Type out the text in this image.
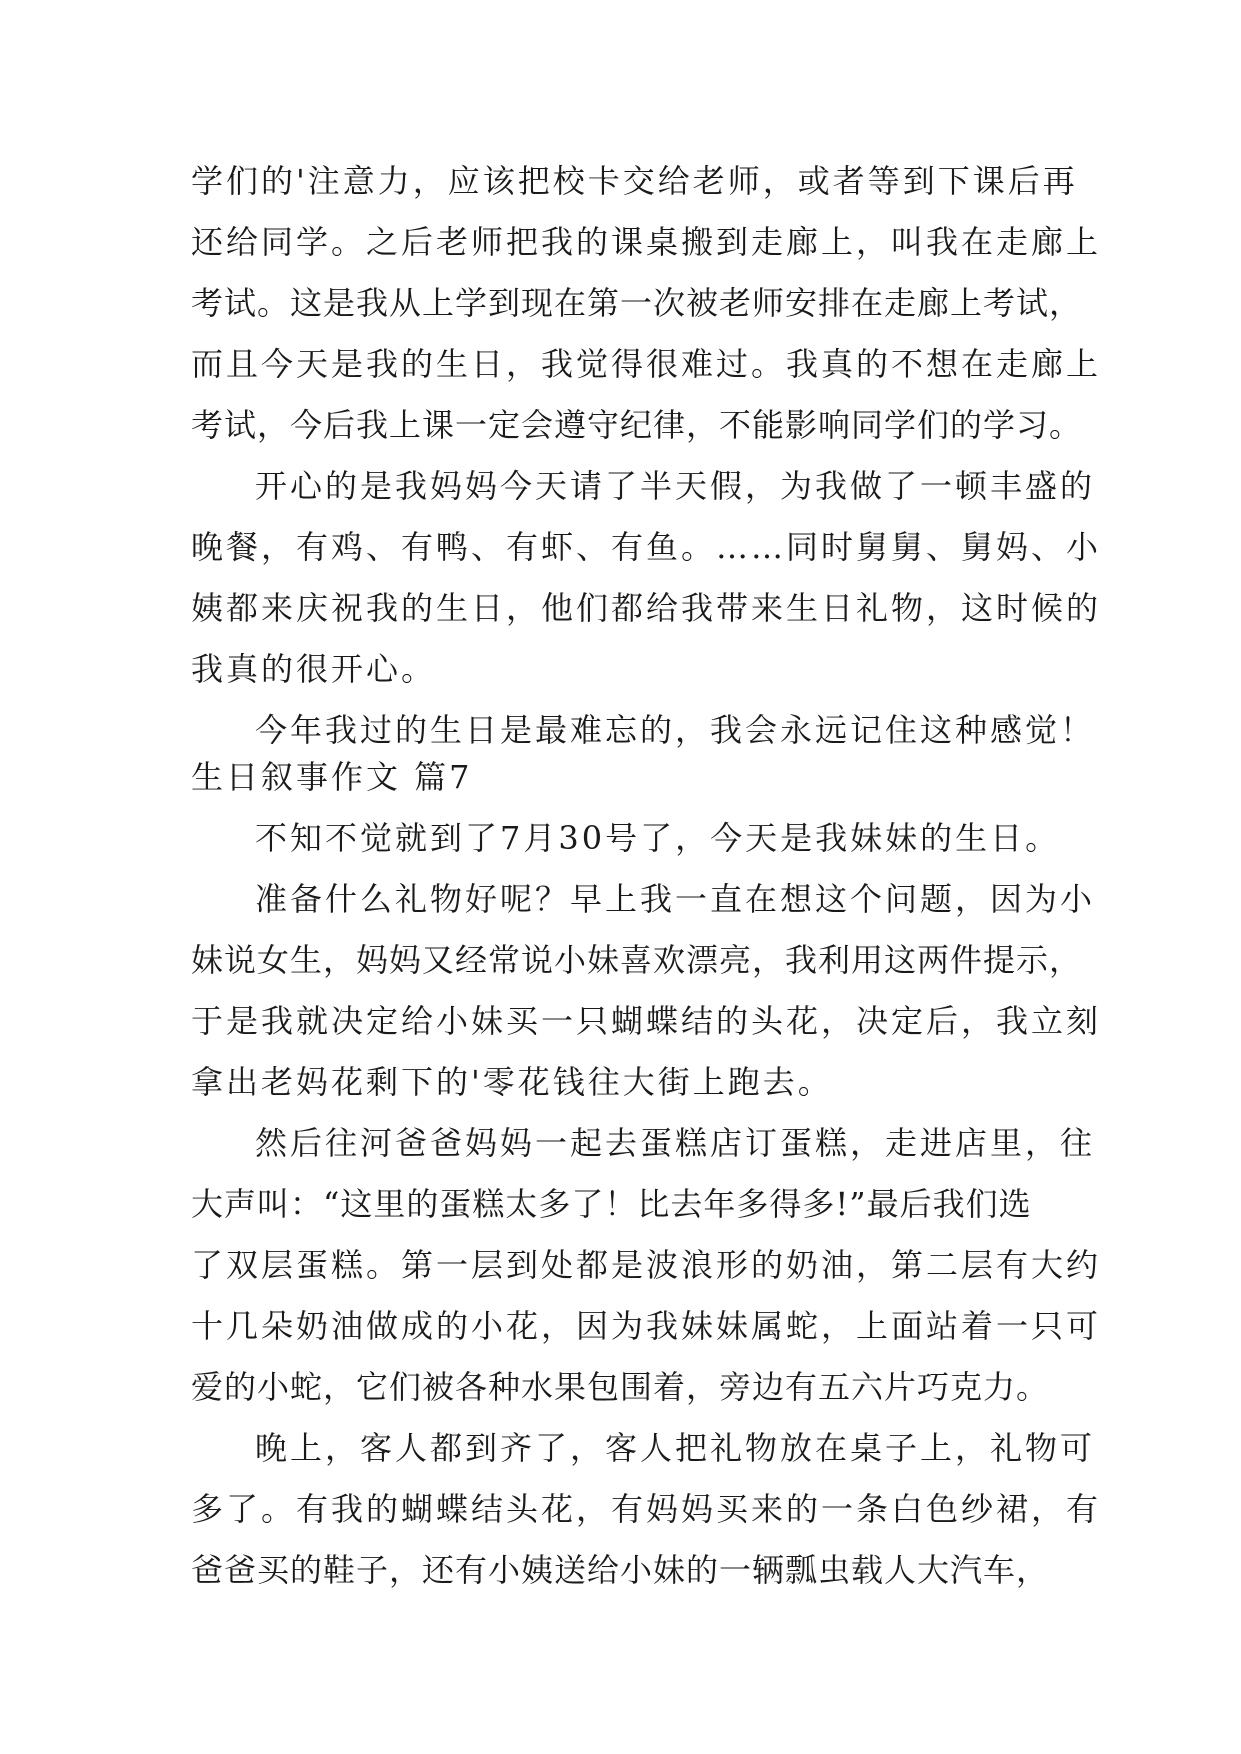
学们的'注意力，应该把校卡交给老师，或者等到下课后再
还给同学。之后老师把我的课桌搬到走廊上，叫我在走廊上
考试。这是我从上学到现在第一次被老师安排在走廊上考试，
而且今天是我的生日，我觉得很难过。我真的不想在走廊上
考试，今后我上课一定会遵守纪律，不能影响同学们的学习。
开心的是我妈妈今天请了半天假，为我做了一顿丰盛的
晚餐，有鸡、有鸭、有虾、有鱼。……同时舅舅、舅妈、小
姨都来庆祝我的生日，他们都给我带来生日礼物，这时候的
我真的很开心。
今年我过的生日是最难忘的，我会永远记住这种感觉！
生日叙事作文 篇7
不知不觉就到了7月30号了，今天是我妹妹的生日。
准备什么礼物好呢？早上我一直在想这个问题，因为小
妹说女生，妈妈又经常说小妹喜欢漂亮，我利用这两件提示，
于是我就决定给小妹买一只蝴蝶结的头花，决定后，我立刻
拿出老妈花剩下的'零花钱往大街上跑去。
然后往河爸爸妈妈一起去蛋糕店订蛋糕，走进店里，往
大声叫：“这里的蛋糕太多了！比去年多得多!”最后我们选
了双层蛋糕。第一层到处都是波浪形的奶油，第二层有大约
十几朵奶油做成的小花，因为我妹妹属蛇，上面站着一只可
爱的小蛇，它们被各种水果包围着，旁边有五六片巧克力。
晚上，客人都到齐了，客人把礼物放在桌子上，礼物可
多了。有我的蝴蝶结头花，有妈妈买来的一条白色纱裙，有
爸爸买的鞋子，还有小姨送给小妹的一辆瓢虫载人大汽车，
